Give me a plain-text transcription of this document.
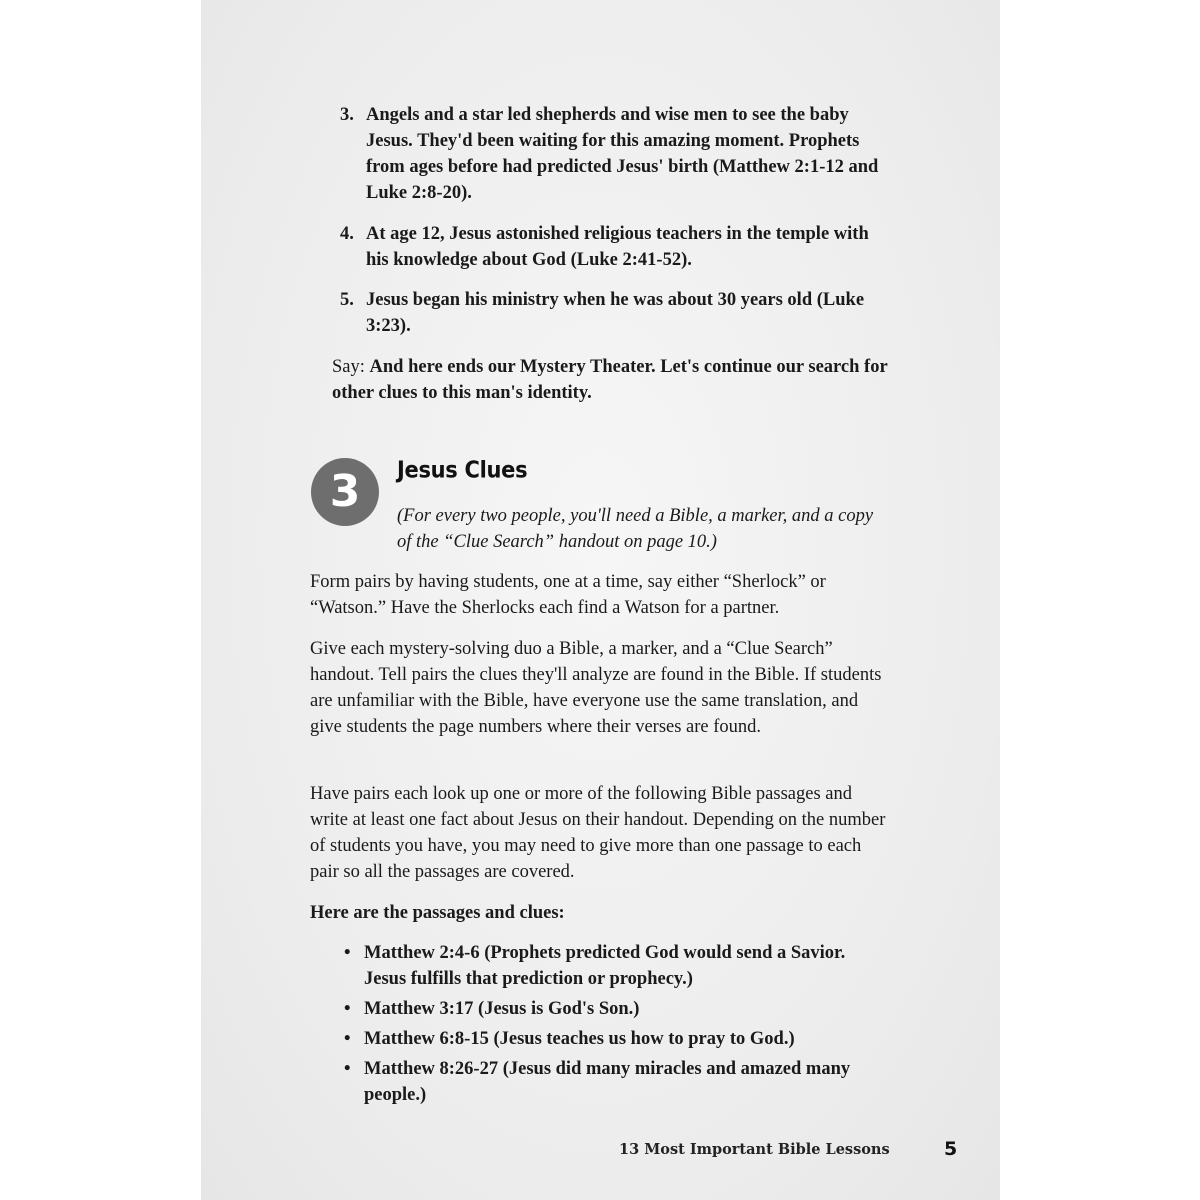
3. Angels and a star led shepherds and wise men to see the baby Jesus. They'd been waiting for this amazing moment. Prophets from ages before had predicted Jesus' birth (Matthew 2:1-12 and Luke 2:8-20).
4. At age 12, Jesus astonished religious teachers in the temple with his knowledge about God (Luke 2:41-52).
5. Jesus began his ministry when he was about 30 years old (Luke 3:23).
Say: And here ends our Mystery Theater. Let's continue our search for other clues to this man's identity.
3	Jesus Clues
(For every two people, you'll need a Bible, a marker, and a copy of the “Clue Search” handout on page 10.)
Form pairs by having students, one at a time, say either “Sherlock” or “Watson.” Have the Sherlocks each find a Watson for a partner.
Give each mystery-solving duo a Bible, a marker, and a “Clue Search” handout. Tell pairs the clues they'll analyze are found in the Bible. If students are unfamiliar with the Bible, have everyone use the same translation, and give students the page numbers where their verses are found.
Have pairs each look up one or more of the following Bible passages and write at least one fact about Jesus on their handout. Depending on the number of students you have, you may need to give more than one passage to each pair so all the passages are covered.
Here are the passages and clues:
• Matthew 2:4-6 (Prophets predicted God would send a Savior. Jesus fulfills that prediction or prophecy.)
• Matthew 3:17 (Jesus is God's Son.)
• Matthew 6:8-15 (Jesus teaches us how to pray to God.)
• Matthew 8:26-27 (Jesus did many miracles and amazed many people.)
13 Most Important Bible Lessons	5
